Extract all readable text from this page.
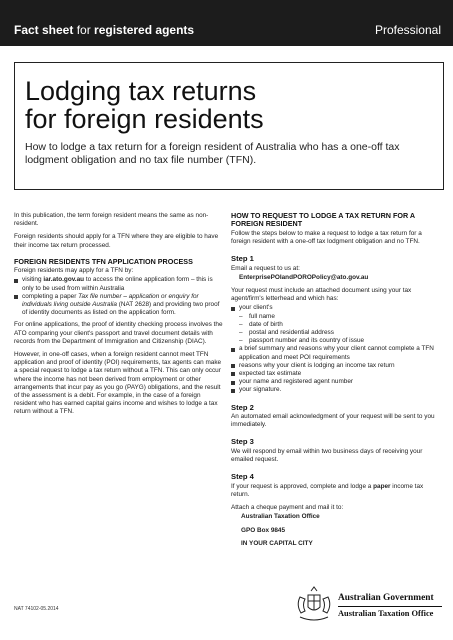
Fact sheet for registered agents	Professional
Lodging tax returns
for foreign residents

How to lodge a tax return for a foreign resident of Australia who has a one-off tax lodgment obligation and no tax file number (TFN).

In this publication, the term foreign resident means the same as non-resident.

Foreign residents should apply for a TFN where they are eligible to have their income tax return processed.

FOREIGN RESIDENTS TFN APPLICATION PROCESS

Foreign residents may apply for a TFN by:

visiting iar.ato.gov.au to access the online application form – this is only to be used from within Australia
completing a paper Tax file number – application or enquiry for individuals living outside Australia (NAT 2628) and providing two proof of identity documents as listed on the application form.

For online applications, the proof of identity checking process involves the ATO comparing your client's passport and travel document details with records from the Department of Immigration and Citizenship (DIAC).

However, in one-off cases, when a foreign resident cannot meet TFN application and proof of identity (POI) requirements, tax agents can make a special request to lodge a tax return without a TFN. This can only occur where the income has not been derived from employment or other arrangements that incur pay as you go (PAYG) obligations, and the result of the assessment is a debit. For example, in the case of a foreign resident who has earned capital gains income and wishes to lodge a tax return without a TFN.

HOW TO REQUEST TO LODGE A TAX RETURN FOR A FOREIGN RESIDENT

Follow the steps below to make a request to lodge a tax return for a foreign resident with a one-off tax lodgment obligation and no TFN.

Step 1

Email a request to us at:

EnterprisePOIandPOROPolicy@ato.gov.au

Your request must include an attached document using your tax agent/firm's letterhead and which has:

your client's
– full name
– date of birth
– postal and residential address
– passport number and its country of issue
a brief summary and reasons why your client cannot complete a TFN application and meet POI requirements
reasons why your client is lodging an income tax return
expected tax estimate
your name and registered agent number
your signature.
Step 2

An automated email acknowledgment of your request will be sent to you immediately.

Step 3

We will respond by email within two business days of receiving your emailed request.

Step 4

If your request is approved, complete and lodge a paper income tax return.

Attach a cheque payment and mail it to:

Australian Taxation Office

GPO Box 9845

IN YOUR CAPITAL CITY

NAT 74102-05.2014
Australian Government
Australian Taxation Office
